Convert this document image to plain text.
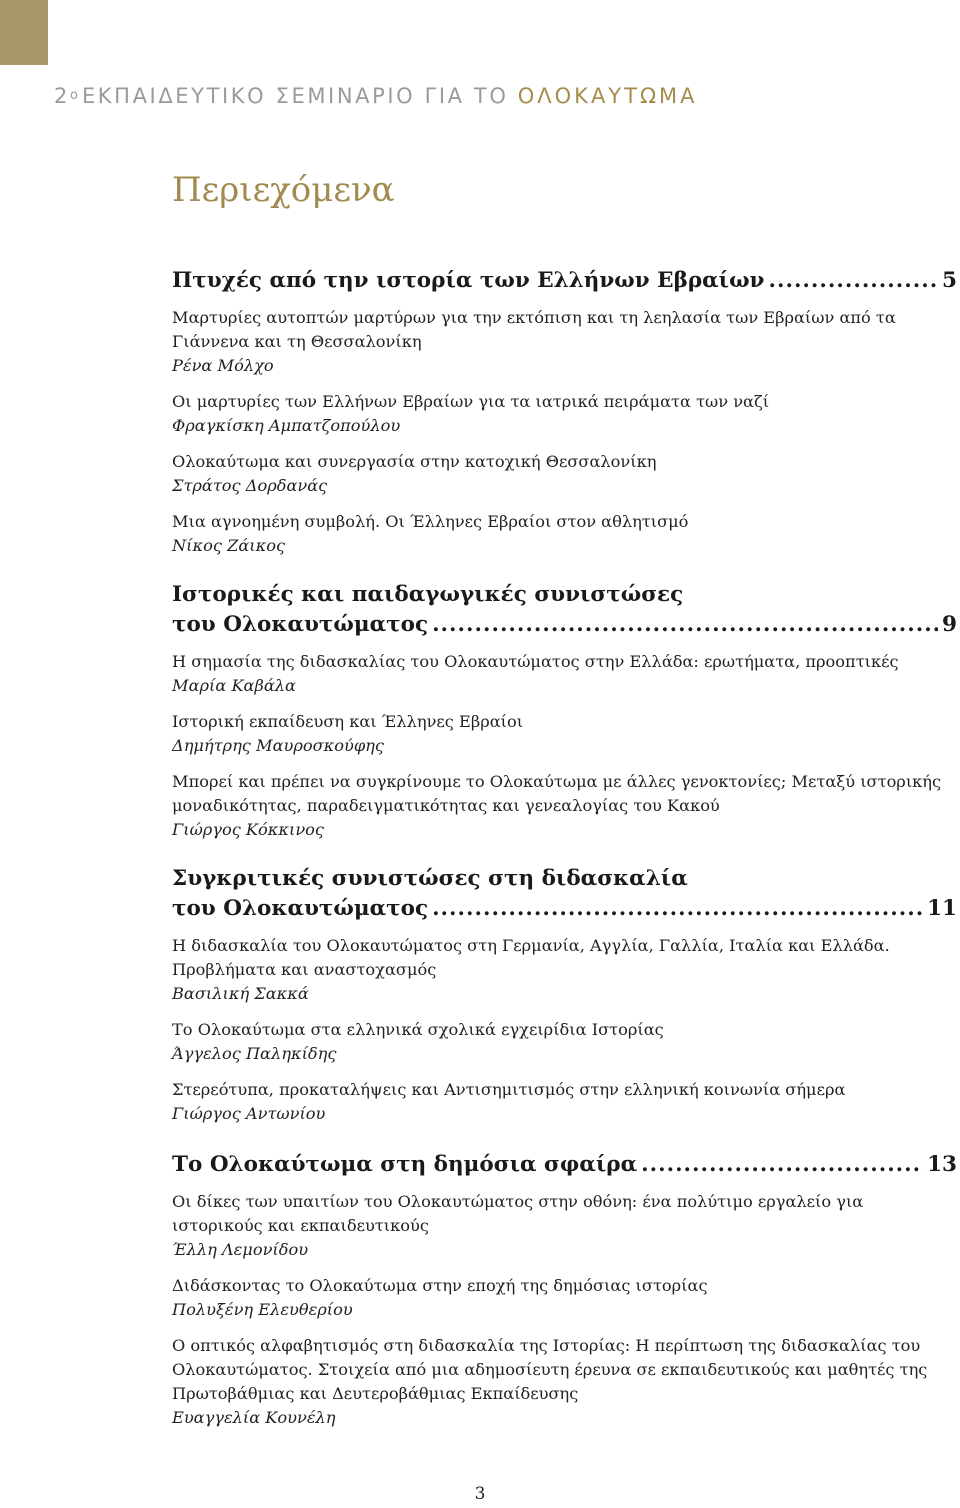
$2^o$ ΕΚΠΑΙΔΕΥΤΙΚΟ ΣΕΜΙΝΑΡΙΟ ΓΙΑ ΤΟ ΟΛΟΚΑΥΤΩΜΑ
Περιεχόμενα
Πτυχές από την ιστορία των Ελλήνων Εβραίων .....	5
Μαρτυρίες αυτοπτών μαρτύρων για την εκτόπιση και τη λεηλασία των Εβραίων από τα Γιάννενα και τη Θεσσαλονίκη
Ρένα Μόλχο
Οι μαρτυρίες των Ελλήνων Εβραίων για τα ιατρικά πειράματα των ναζί
Φραγκίσκη Αμπατζοπούλου
Ολοκαύτωμα και συνεργασία στην κατοχική Θεσσαλονίκη
Στράτος Δορδανάς
Μια αγνοημένη συμβολή. Οι Έλληνες Εβραίοι στον αθλητισμό
Νίκος Ζάικος
Ιστορικές και παιδαγωγικές συνιστώσες
του Ολοκαυτώματος .....	9
Η σημασία της διδασκαλίας του Ολοκαυτώματος στην Ελλάδα: ερωτήματα, προοπτικές
Μαρία Καβάλα
Ιστορική εκπαίδευση και Έλληνες Εβραίοι
Δημήτρης Μαυροσκούφης
Μπορεί και πρέπει να συγκρίνουμε το Ολοκαύτωμα με άλλες γενοκτονίες; Μεταξύ ιστορικής μοναδικότητας, παραδειγματικότητας και γενεαλογίας του Κακού
Γιώργος Κόκκινος
Συγκριτικές συνιστώσες στη διδασκαλία
του Ολοκαυτώματος .....	11
Η διδασκαλία του Ολοκαυτώματος στη Γερμανία, Αγγλία, Γαλλία, Ιταλία και Ελλάδα. Προβλήματα και αναστοχασμός
Βασιλική Σακκά
Το Ολοκαύτωμα στα ελληνικά σχολικά εγχειρίδια Ιστορίας
Άγγελος Παληκίδης
Στερεότυπα, προκαταλήψεις και Αντισημιτισμός στην ελληνική κοινωνία σήμερα
Γιώργος Αντωνίου
Το Ολοκαύτωμα στη δημόσια σφαίρα .....	13
Οι δίκες των υπαιτίων του Ολοκαυτώματος στην οθόνη: ένα πολύτιμο εργαλείο για ιστορικούς και εκπαιδευτικούς
Έλλη Λεμονίδου
Διδάσκοντας το Ολοκαύτωμα στην εποχή της δημόσιας ιστορίας
Πολυξένη Ελευθερίου
Ο οπτικός αλφαβητισμός στη διδασκαλία της Ιστορίας: Η περίπτωση της διδασκαλίας του Ολοκαυτώματος. Στοιχεία από μια αδημοσίευτη έρευνα σε εκπαιδευτικούς και μαθητές της Πρωτοβάθμιας και Δευτεροβάθμιας Εκπαίδευσης
Ευαγγελία Κουνέλη
3
